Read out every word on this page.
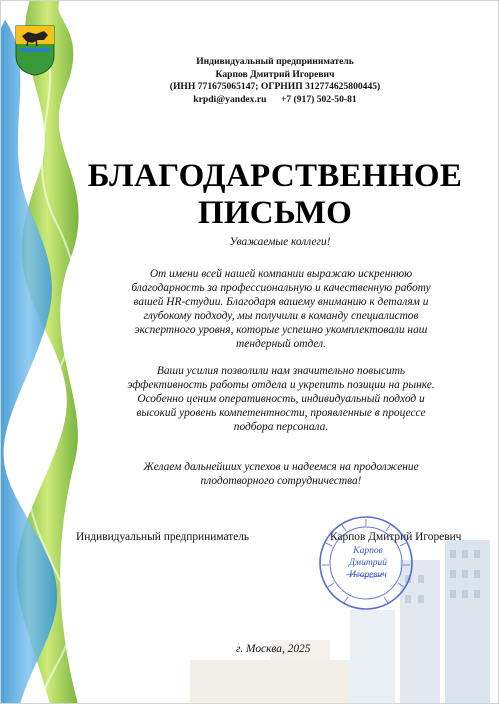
Индивидуальный предприниматель
Карпов Дмитрий Игоревич
(ИНН 771675065147; ОГРНИП 312774625800445)
krpdi@yandex.ru +7 (917) 502-50-81
БЛАГОДАРСТВЕННОЕ
ПИСЬМО
Уважаемые коллеги!
От имени всей нашей компании выражаю искреннюю благодарность за профессиональную и качественную работу вашей HR-студии. Благодаря вашему вниманию к деталям и глубокому подходу, мы получили в команду специалистов экспертного уровня, которые успешно укомплектовали наш тендерный отдел.
Ваши усилия позволили нам значительно повысить эффективность работы отдела и укрепить позиции на рынке. Особенно ценим оперативность, индивидуальный подход и высокий уровень компетентности, проявленные в процессе подбора персонала.
Желаем дальнейших успехов и надеемся на продолжение плодотворного сотрудничества!
Индивидуальный предприниматель	Карпов Дмитрий Игоревич
Карпов Дмитрий Игоревич
г. Москва, 2025
